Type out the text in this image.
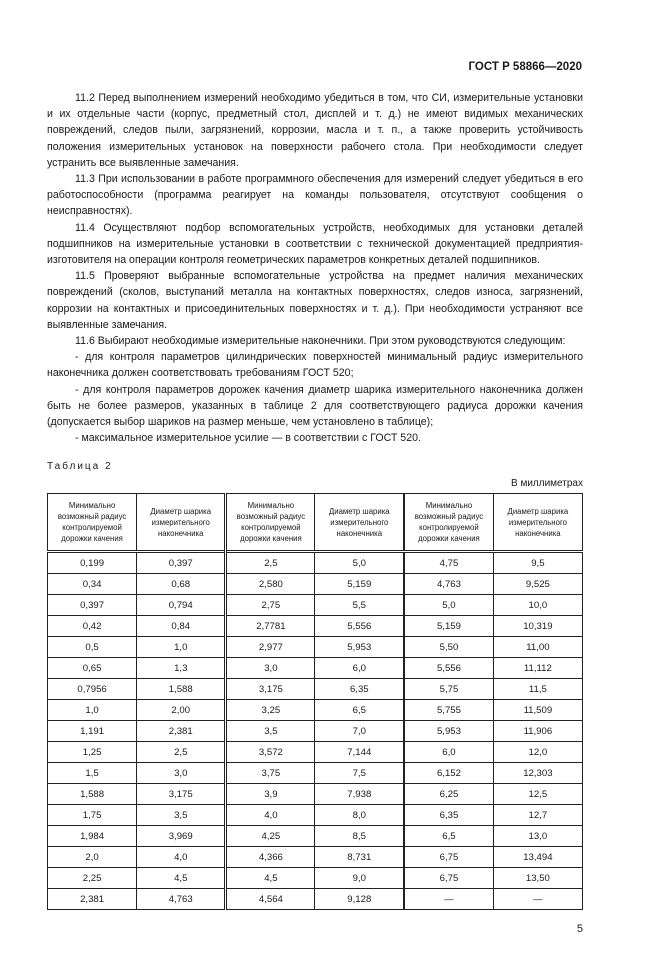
ГОСТ Р 58866—2020

11.2 Перед выполнением измерений необходимо убедиться в том, что СИ, измерительные установки и их отдельные части (корпус, предметный стол, дисплей и т. д.) не имеют видимых механических повреждений, следов пыли, загрязнений, коррозии, масла и т. п., а также проверить устойчивость положения измерительных установок на поверхности рабочего стола. При необходимости следует устранить все выявленные замечания.

11.3 При использовании в работе программного обеспечения для измерений следует убедиться в его работоспособности (программа реагирует на команды пользователя, отсутствуют сообщения о неисправностях).

11.4 Осуществляют подбор вспомогательных устройств, необходимых для установки деталей подшипников на измерительные установки в соответствии с технической документацией предприятия-изготовителя на операции контроля геометрических параметров конкретных деталей подшипников.

11.5 Проверяют выбранные вспомогательные устройства на предмет наличия механических повреждений (сколов, выступаний металла на контактных поверхностях, следов износа, загрязнений, коррозии на контактных и присоединительных поверхностях и т. д.). При необходимости устраняют все выявленные замечания.

11.6 Выбирают необходимые измерительные наконечники. При этом руководствуются следующим:

- для контроля параметров цилиндрических поверхностей минимальный радиус измерительного наконечника должен соответствовать требованиям ГОСТ 520;

- для контроля параметров дорожек качения диаметр шарика измерительного наконечника должен быть не более размеров, указанных в таблице 2 для соответствующего радиуса дорожки качения (допускается выбор шариков на размер меньше, чем установлено в таблице);

- максимальное измерительное усилие — в соответствии с ГОСТ 520.

Таблица 2
В миллиметрах
Минимально возможный радиус контролируемой дорожки качения	Диаметр шарика измерительного наконечника	Минимально возможный радиус контролируемой дорожки качения	Диаметр шарика измерительного наконечника	Минимально возможный радиус контролируемой дорожки качения	Диаметр шарика измерительного наконечника
0,199	0,397	2,5	5,0	4,75	9,5
0,34	0,68	2,580	5,159	4,763	9,525
0,397	0,794	2,75	5,5	5,0	10,0
0,42	0,84	2,7781	5,556	5,159	10,319
0,5	1,0	2,977	5,953	5,50	11,00
0,65	1,3	3,0	6,0	5,556	11,112
0,7956	1,588	3,175	6,35	5,75	11,5
1,0	2,00	3,25	6,5	5,755	11,509
1,191	2,381	3,5	7,0	5,953	11,906
1,25	2,5	3,572	7,144	6,0	12,0
1,5	3,0	3,75	7,5	6,152	12,303
1,588	3,175	3,9	7,938	6,25	12,5
1,75	3,5	4,0	8,0	6,35	12,7
1,984	3,969	4,25	8,5	6,5	13,0
2,0	4,0	4,366	8,731	6,75	13,494
2,25	4,5	4,5	9,0	6,75	13,50
2,381	4,763	4,564	9,128	—	—
5
